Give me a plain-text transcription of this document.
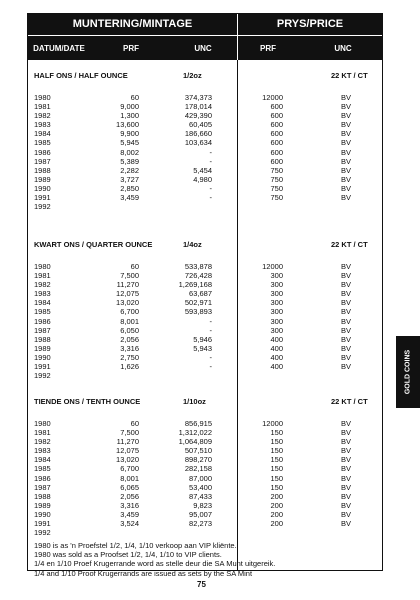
MUNTERING/MINTAGE	PRYS/PRICE
DATUM/DATE	PRF	UNC	PRF	UNC
HALF ONS / HALF OUNCE	1/2oz	22 KT / CT
1980	60	374,373	12000	BV
1981	9,000	178,014	600	BV
1982	1,300	429,390	600	BV
1983	13,600	60,405	600	BV
1984	9,900	186,660	600	BV
1985	5,945	103,634	600	BV
1986	8,002	-	600	BV
1987	5,389	-	600	BV
1988	2,282	5,454	750	BV
1989	3,727	4,980	750	BV
1990	2,850	-	750	BV
1991	3,459	-	750	BV
1992
KWART ONS / QUARTER OUNCE	1/4oz	22 KT / CT
1980	60	533,878	12000	BV
1981	7,500	726,428	300	BV
1982	11,270	1,269,168	300	BV
1983	12,075	63,687	300	BV
1984	13,020	502,971	300	BV
1985	6,700	593,893	300	BV
1986	8,001	-	300	BV
1987	6,050	-	300	BV
1988	2,056	5,946	400	BV
1989	3,316	5,943	400	BV
1990	2,750	-	400	BV
1991	1,626	-	400	BV
1992
TIENDE ONS / TENTH OUNCE	1/10oz	22 KT / CT
1980	60	856,915	12000	BV
1981	7,500	1,312,022	150	BV
1982	11,270	1,064,809	150	BV
1983	12,075	507,510	150	BV
1984	13,020	898,270	150	BV
1985	6,700	282,158	150	BV
1986	8,001	87,000	150	BV
1987	6,065	53,400	150	BV
1988	2,056	87,433	200	BV
1989	3,316	9,823	200	BV
1990	3,459	95,007	200	BV
1991	3,524	82,273	200	BV
1992
1980 is as 'n Proefstel 1/2, 1/4, 1/10 verkoop aan VIP kliënte.
1980 was sold as a Proofset 1/2, 1/4, 1/10 to VIP clients.
1/4 en 1/10 Proef Krugerrande word as stelle deur die SA Munt uitgereik.
1/4 and 1/10 Proof Krugerrands are issued as sets by the SA Mint
75
GOLD COINS
